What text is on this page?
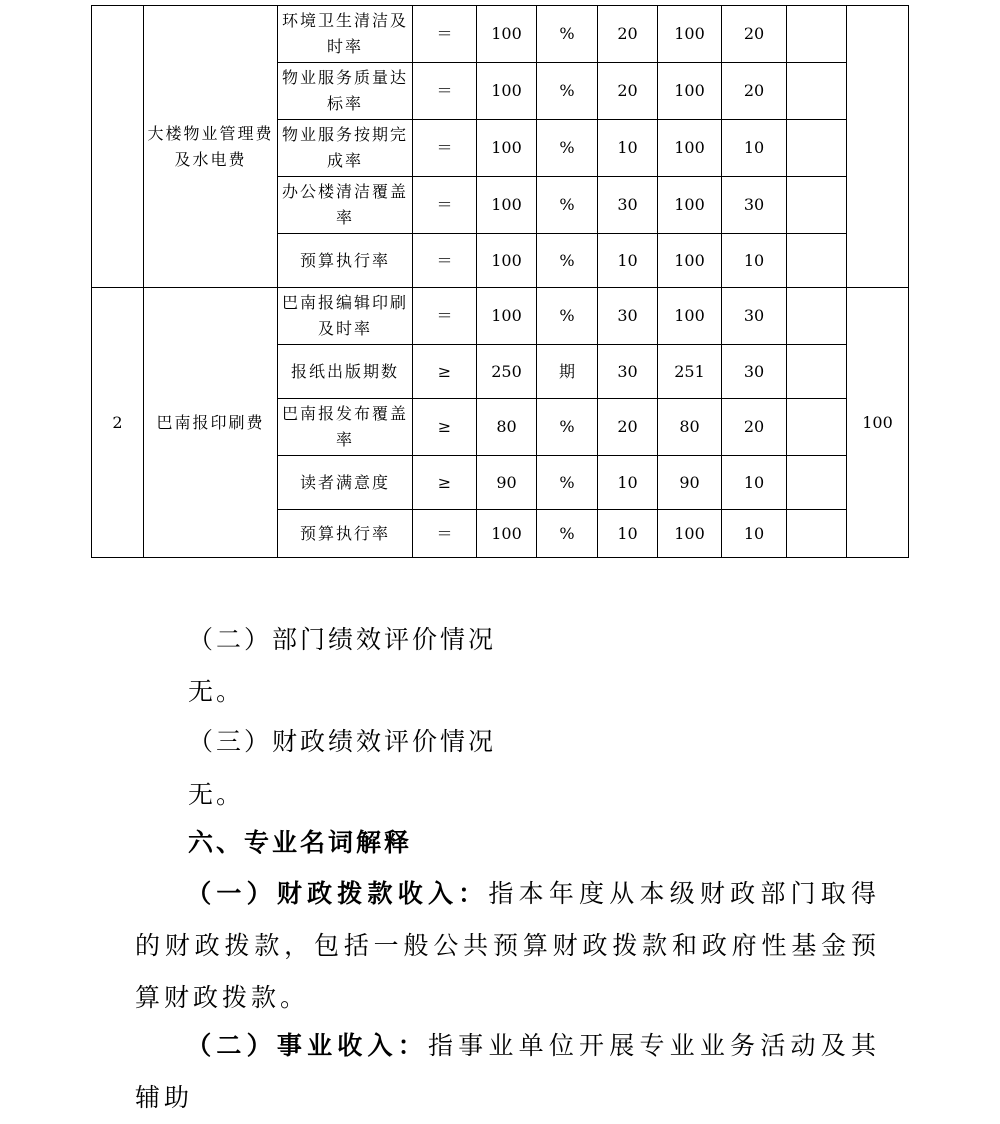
	大楼物业管理费及水电费	环境卫生清洁及时率	＝	100	%	20	100	20		
		物业服务质量达标率	＝	100	%	20	100	20		
		物业服务按期完成率	＝	100	%	10	100	10		
		办公楼清洁覆盖率	＝	100	%	30	100	30		
		预算执行率	＝	100	%	10	100	10		
2	巴南报印刷费	巴南报编辑印刷及时率	＝	100	%	30	100	30		100
		报纸出版期数	≥	250	期	30	251	30		
		巴南报发布覆盖率	≥	80	%	20	80	20		
		读者满意度	≥	90	%	10	90	10		
		预算执行率	＝	100	%	10	100	10		
（二）部门绩效评价情况
无。
（三）财政绩效评价情况
无。
六、专业名词解释
（一）财政拨款收入：指本年度从本级财政部门取得的财政拨款，包括一般公共预算财政拨款和政府性基金预算财政拨款。
（二）事业收入：指事业单位开展专业业务活动及其辅助
